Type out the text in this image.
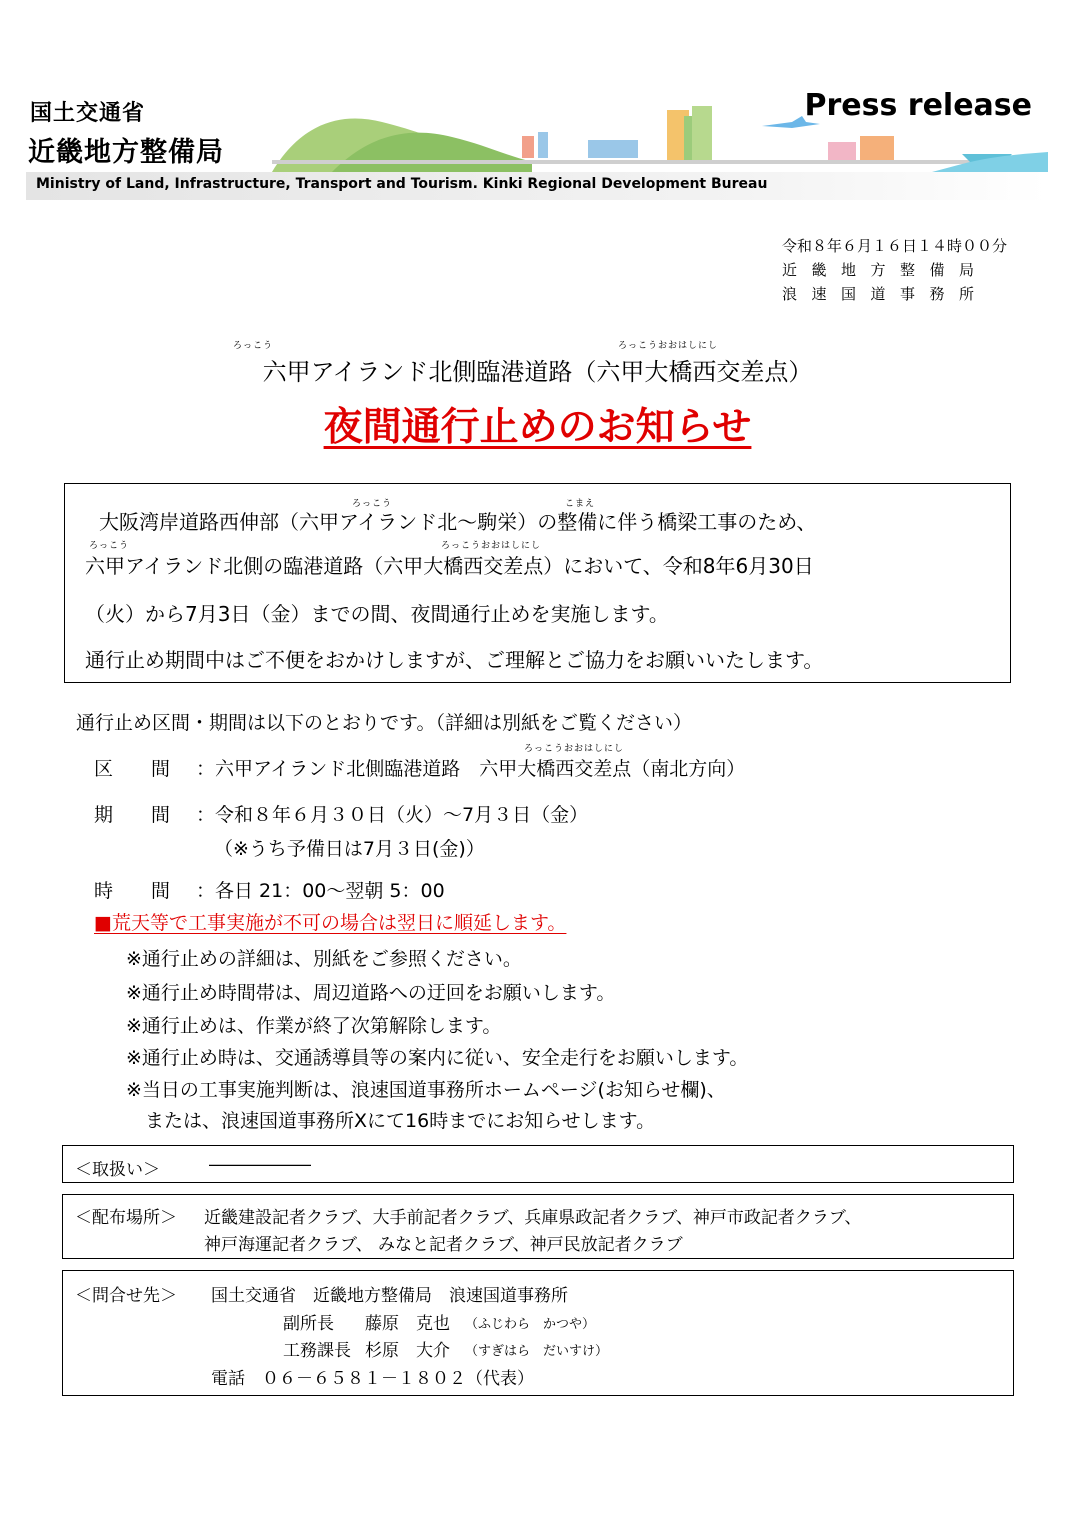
国土交通省
近畿地方整備局
Press release
Ministry of Land, Infrastructure, Transport and Tourism. Kinki Regional Development Bureau
令和８年６月１６日１４時００分
近畿地方整備局
浪速国道事務所
ろっこう	ろっこうおおはしにし
六甲アイランド北側臨港道路（六甲大橋西交差点）
夜間通行止めのお知らせ
ろっこう	こまえ
大阪湾岸道路西伸部（六甲アイランド北～駒栄）の整備に伴う橋梁工事のため、
ろっこう	ろっこうおおはしにし
六甲アイランド北側の臨港道路（六甲大橋西交差点）において、令和8年6月30日
（火）から7月3日（金）までの間、夜間通行止めを実施します。
通行止め期間中はご不便をおかけしますが、ご理解とご協力をお願いいたします。
通行止め区間・期間は以下のとおりです。（詳細は別紙をご覧ください）
ろっこうおおはしにし
区　　間 ：六甲アイランド北側臨港道路　六甲大橋西交差点（南北方向）
期　　間 ：令和８年６月３０日（火）～7月３日（金）
（※うち予備日は7月３日(金)）
時　　間 ：各日 21：00～翌朝 5：00
■荒天等で工事実施が不可の場合は翌日に順延します。
※通行止めの詳細は、別紙をご参照ください。
※通行止め時間帯は、周辺道路への迂回をお願いします。
※通行止めは、作業が終了次第解除します。
※通行止め時は、交通誘導員等の案内に従い、安全走行をお願いします。
※当日の工事実施判断は、浪速国道事務所ホームページ(お知らせ欄)、
　または、浪速国道事務所Xにて16時までにお知らせします。
＜取扱い＞	――――――
＜配布場所＞ 近畿建設記者クラブ、大手前記者クラブ、兵庫県政記者クラブ、神戸市政記者クラブ、
神戸海運記者クラブ、 みなと記者クラブ、神戸民放記者クラブ
＜問合せ先＞ 国土交通省　近畿地方整備局　浪速国道事務所
副所長 藤原　克也 （ふじわら　かつや）
工務課長 杉原　大介 （すぎはら　だいすけ）
電話　０６－６５８１－１８０２（代表）
